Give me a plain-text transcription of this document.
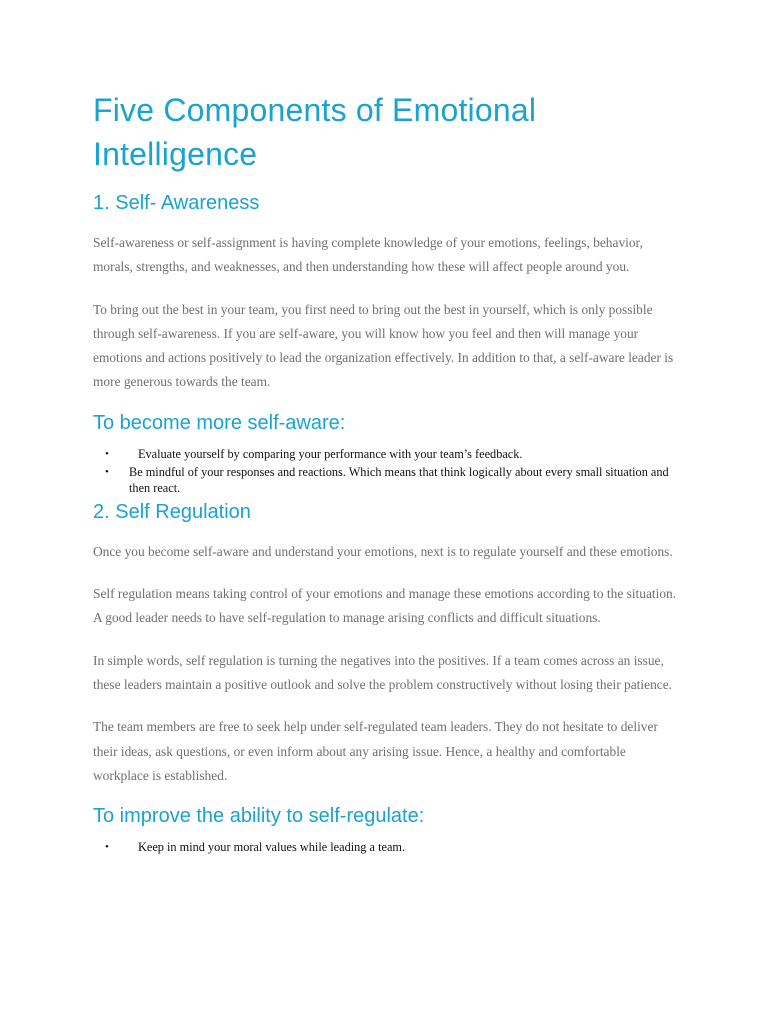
Five Components of Emotional Intelligence
1. Self- Awareness

Self-awareness or self-assignment is having complete knowledge of your emotions, feelings, behavior, morals, strengths, and weaknesses, and then understanding how these will affect people around you.

To bring out the best in your team, you first need to bring out the best in yourself, which is only possible through self-awareness. If you are self-aware, you will know how you feel and then will manage your emotions and actions positively to lead the organization effectively. In addition to that, a self-aware leader is more generous towards the team.

To become more self-aware:
• Evaluate yourself by comparing your performance with your team’s feedback.
• Be mindful of your responses and reactions. Which means that think logically about every small situation and then react.
2. Self Regulation

Once you become self-aware and understand your emotions, next is to regulate yourself and these emotions.

Self regulation means taking control of your emotions and manage these emotions according to the situation. A good leader needs to have self-regulation to manage arising conflicts and difficult situations.

In simple words, self regulation is turning the negatives into the positives. If a team comes across an issue, these leaders maintain a positive outlook and solve the problem constructively without losing their patience.

The team members are free to seek help under self-regulated team leaders. They do not hesitate to deliver their ideas, ask questions, or even inform about any arising issue. Hence, a healthy and comfortable workplace is established.

To improve the ability to self-regulate:
• Keep in mind your moral values while leading a team.
